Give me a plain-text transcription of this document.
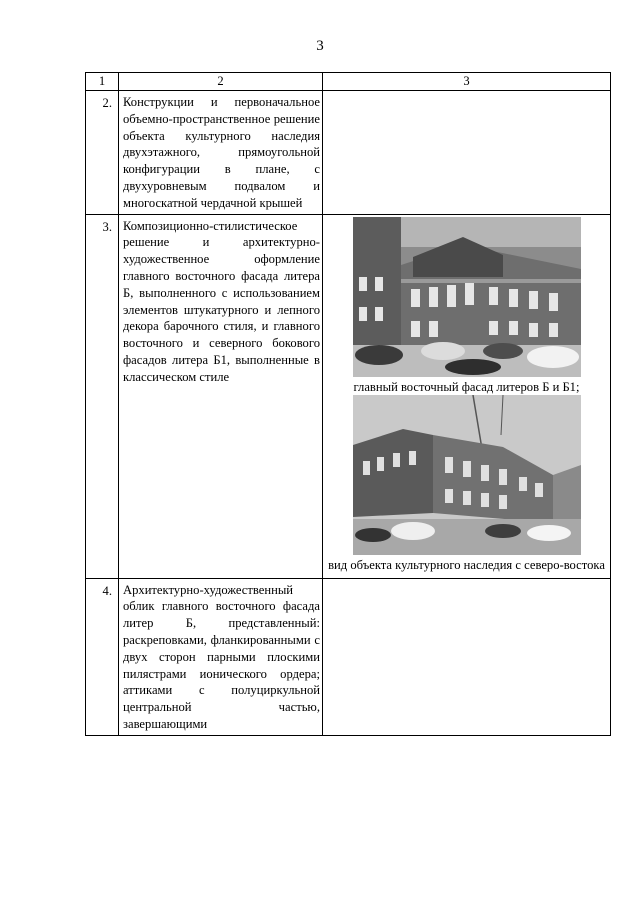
3
1	2	3
2.	Конструкции и первоначальное объемно-пространственное решение объекта культурного наследия двухэтажного, прямоугольной конфигурации в плане, с двухуровневым подвалом и многоскатной чердачной крышей	
3.	Композиционно-стилистическое решение и архитектурно-художественное оформление главного восточного фасада литера Б, выполненного с использованием элементов штукатурного и лепного декора барочного стиля, и главного восточного и северного бокового фасадов литера Б1, выполненные в классическом стиле	главный восточный фасад литеров Б и Б1;
вид объекта культурного наследия с северо-востока

4.	Архитектурно-художественный облик главного восточного фасада литер Б, представленный: раскреповками, фланкированными с двух сторон парными плоскими пилястрами ионического ордера; аттиками с полуциркульной центральной частью, завершающими	
